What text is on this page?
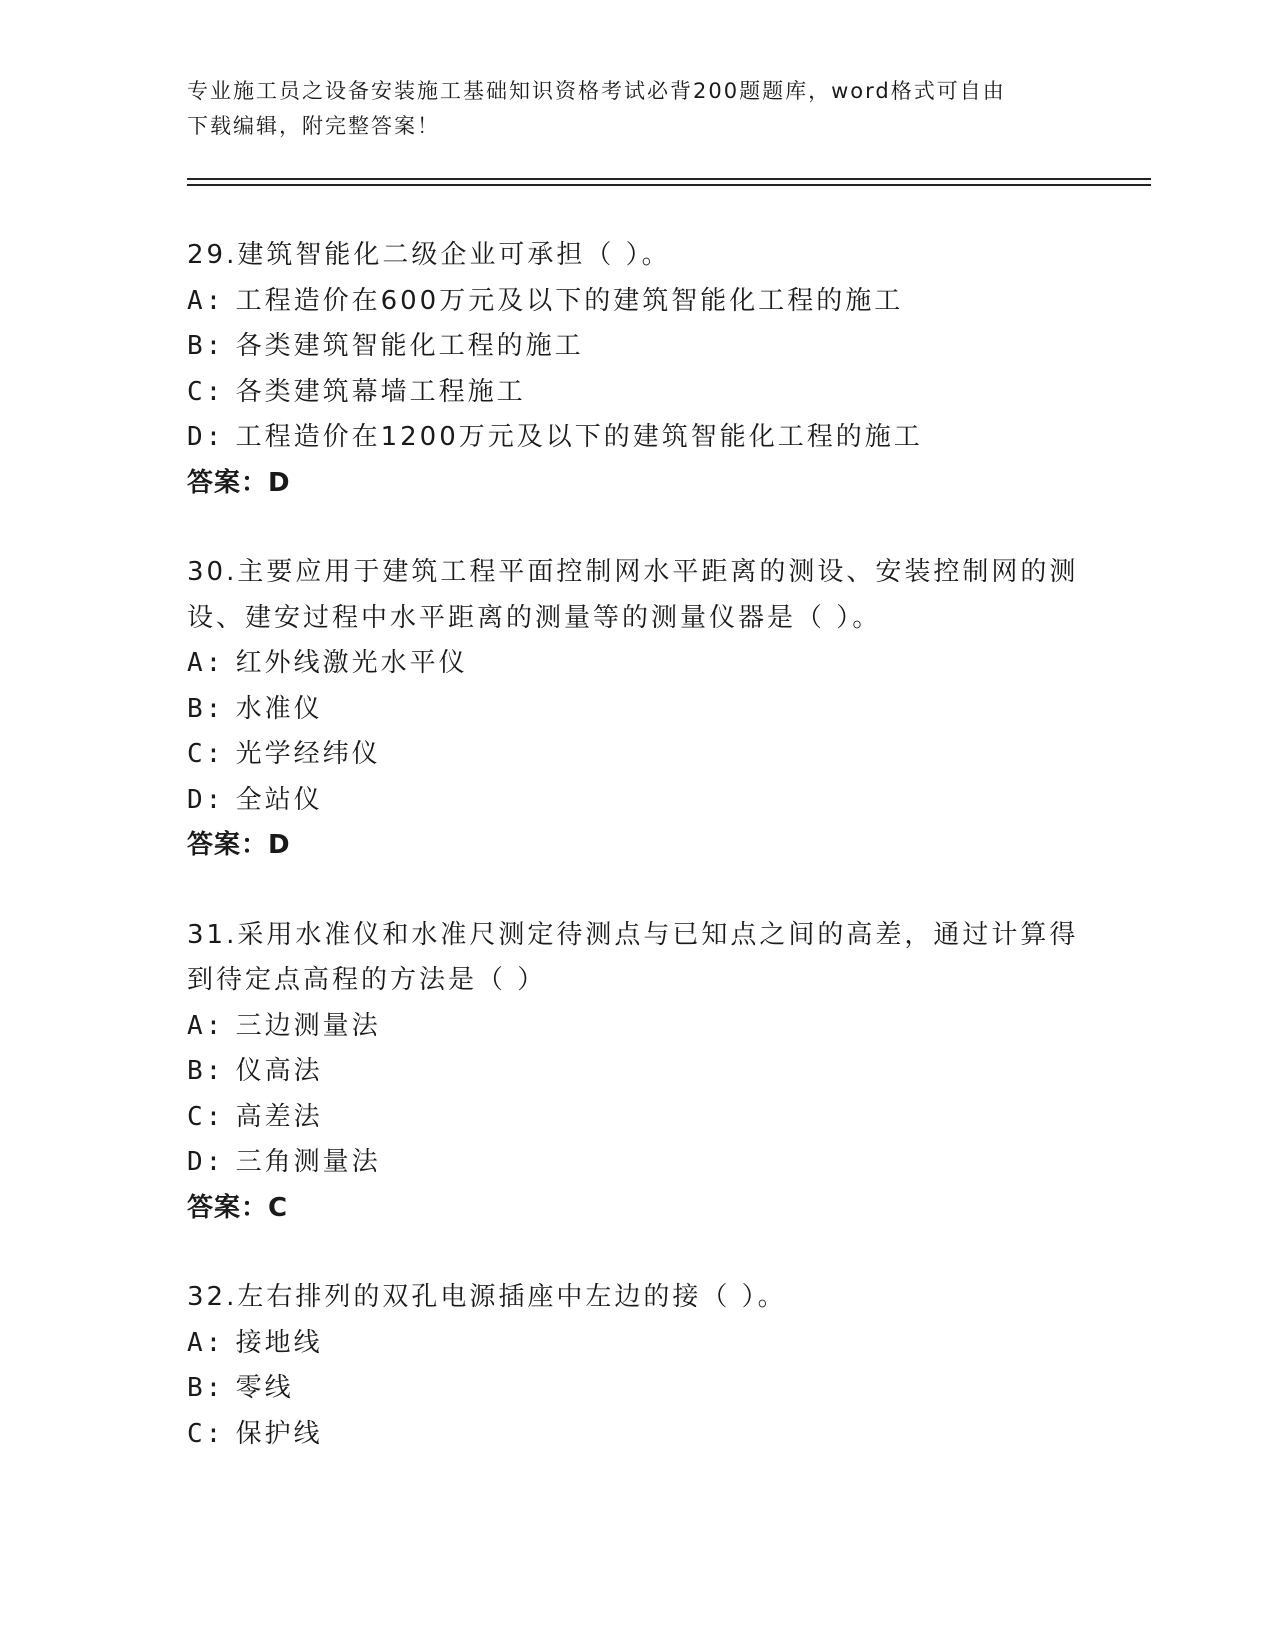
专业施工员之设备安装施工基础知识资格考试必背200题题库，word格式可自由
下载编辑，附完整答案！
29.建筑智能化二级企业可承担（ ）。
A: 工程造价在600万元及以下的建筑智能化工程的施工
B: 各类建筑智能化工程的施工
C: 各类建筑幕墙工程施工
D: 工程造价在1200万元及以下的建筑智能化工程的施工
答案：D
30.主要应用于建筑工程平面控制网水平距离的测设、安装控制网的测
设、建安过程中水平距离的测量等的测量仪器是（ ）。
A: 红外线激光水平仪
B: 水准仪
C: 光学经纬仪
D: 全站仪
答案：D
31.采用水准仪和水准尺测定待测点与已知点之间的高差，通过计算得
到待定点高程的方法是（ ）
A: 三边测量法
B: 仪高法
C: 高差法
D: 三角测量法
答案：C
32.左右排列的双孔电源插座中左边的接（ ）。
A: 接地线
B: 零线
C: 保护线
